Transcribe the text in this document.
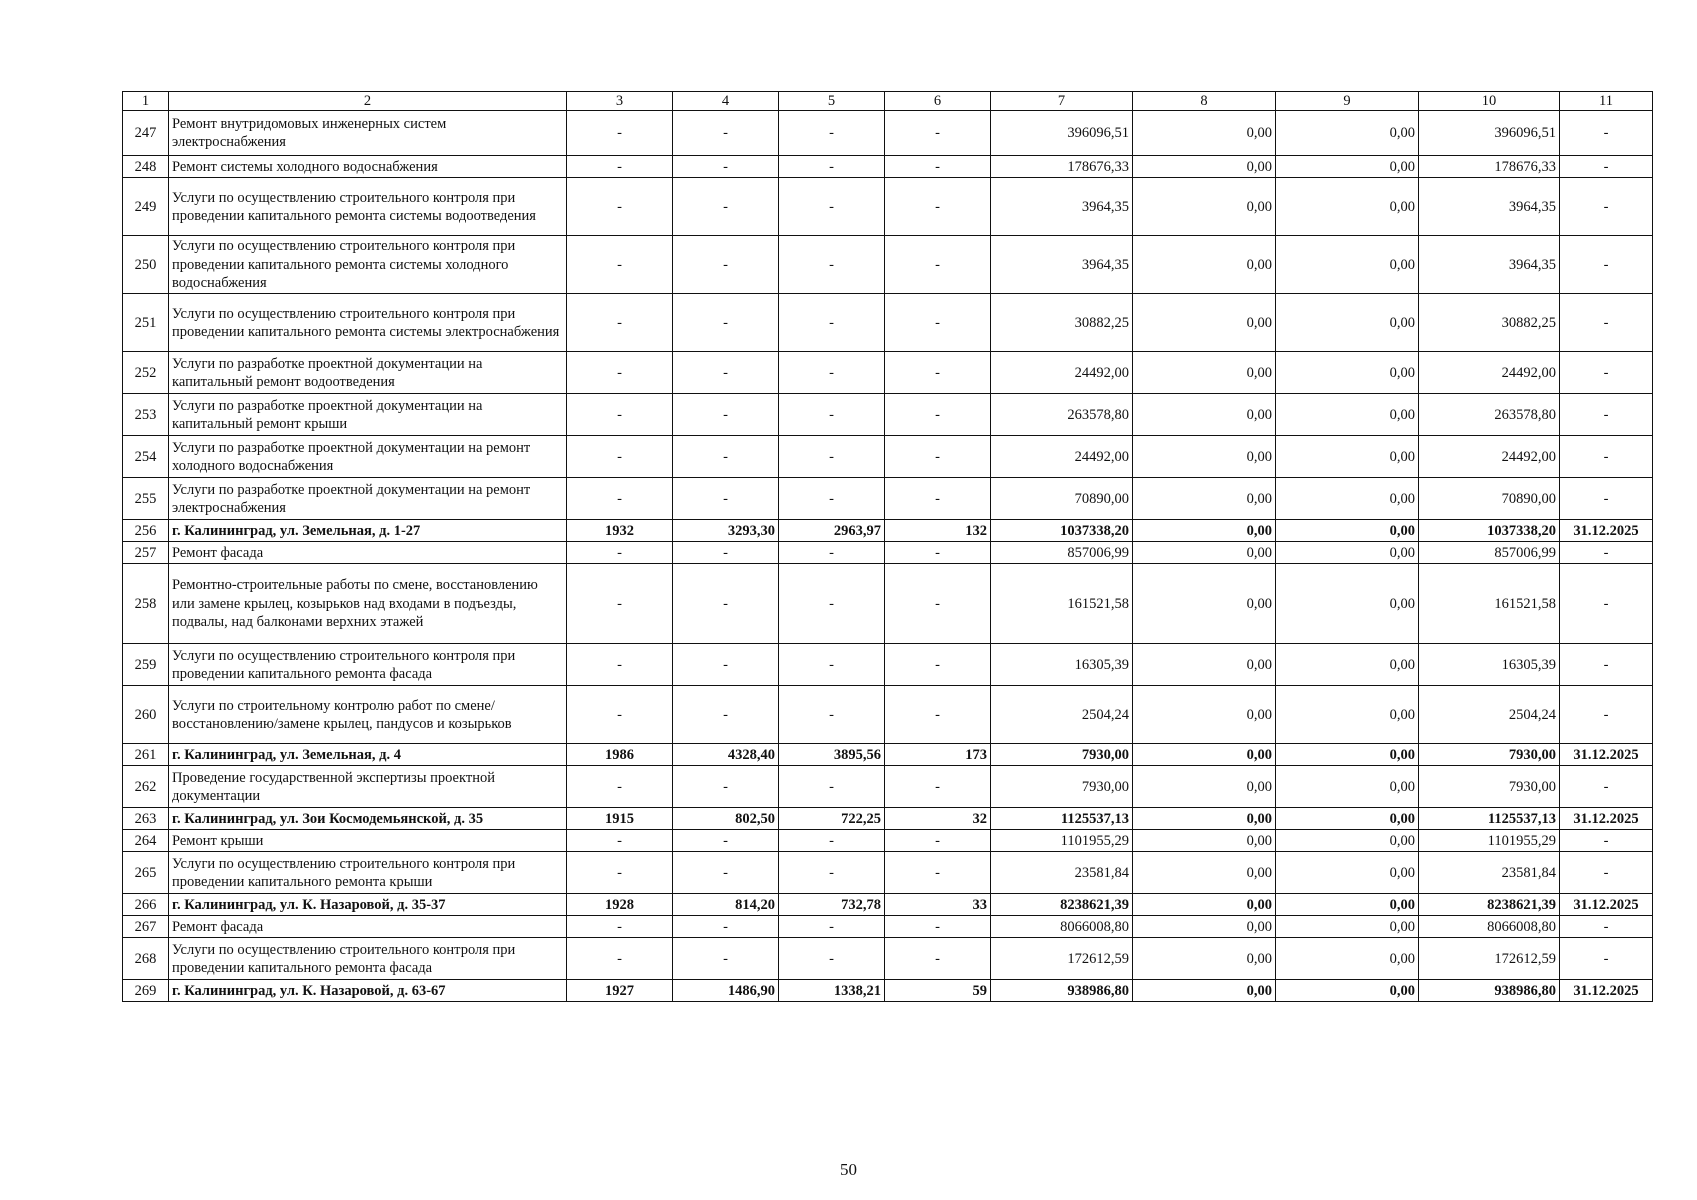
1	2	3	4	5	6	7	8	9	10	11
247	Ремонт внутридомовых инженерных систем электроснабжения	-	-	-	-	396096,51	0,00	0,00	396096,51	-
248	Ремонт системы холодного водоснабжения	-	-	-	-	178676,33	0,00	0,00	178676,33	-
249	Услуги по осуществлению строительного контроля при проведении капитального ремонта системы водоотведения	-	-	-	-	3964,35	0,00	0,00	3964,35	-
250	Услуги по осуществлению строительного контроля при проведении капитального ремонта системы холодного водоснабжения	-	-	-	-	3964,35	0,00	0,00	3964,35	-
251	Услуги по осуществлению строительного контроля при проведении капитального ремонта системы электроснабжения	-	-	-	-	30882,25	0,00	0,00	30882,25	-
252	Услуги по разработке проектной документации на капитальный ремонт водоотведения	-	-	-	-	24492,00	0,00	0,00	24492,00	-
253	Услуги по разработке проектной документации на капитальный ремонт крыши	-	-	-	-	263578,80	0,00	0,00	263578,80	-
254	Услуги по разработке проектной документации на ремонт холодного водоснабжения	-	-	-	-	24492,00	0,00	0,00	24492,00	-
255	Услуги по разработке проектной документации на ремонт электроснабжения	-	-	-	-	70890,00	0,00	0,00	70890,00	-
256	г. Калининград, ул. Земельная, д. 1-27	1932	3293,30	2963,97	132	1037338,20	0,00	0,00	1037338,20	31.12.2025
257	Ремонт фасада	-	-	-	-	857006,99	0,00	0,00	857006,99	-
258	Ремонтно-строительные работы по смене, восстановлению или замене крылец, козырьков над входами в подъезды, подвалы, над балконами верхних этажей	-	-	-	-	161521,58	0,00	0,00	161521,58	-
259	Услуги по осуществлению строительного контроля при проведении капитального ремонта фасада	-	-	-	-	16305,39	0,00	0,00	16305,39	-
260	Услуги по строительному контролю работ по смене/восстановлению/замене крылец, пандусов и козырьков	-	-	-	-	2504,24	0,00	0,00	2504,24	-
261	г. Калининград, ул. Земельная, д. 4	1986	4328,40	3895,56	173	7930,00	0,00	0,00	7930,00	31.12.2025
262	Проведение государственной экспертизы проектной документации	-	-	-	-	7930,00	0,00	0,00	7930,00	-
263	г. Калининград, ул. Зои Космодемьянской, д. 35	1915	802,50	722,25	32	1125537,13	0,00	0,00	1125537,13	31.12.2025
264	Ремонт крыши	-	-	-	-	1101955,29	0,00	0,00	1101955,29	-
265	Услуги по осуществлению строительного контроля при проведении капитального ремонта крыши	-	-	-	-	23581,84	0,00	0,00	23581,84	-
266	г. Калининград, ул. К. Назаровой, д. 35-37	1928	814,20	732,78	33	8238621,39	0,00	0,00	8238621,39	31.12.2025
267	Ремонт фасада	-	-	-	-	8066008,80	0,00	0,00	8066008,80	-
268	Услуги по осуществлению строительного контроля при проведении капитального ремонта фасада	-	-	-	-	172612,59	0,00	0,00	172612,59	-
269	г. Калининград, ул. К. Назаровой, д. 63-67	1927	1486,90	1338,21	59	938986,80	0,00	0,00	938986,80	31.12.2025
50
